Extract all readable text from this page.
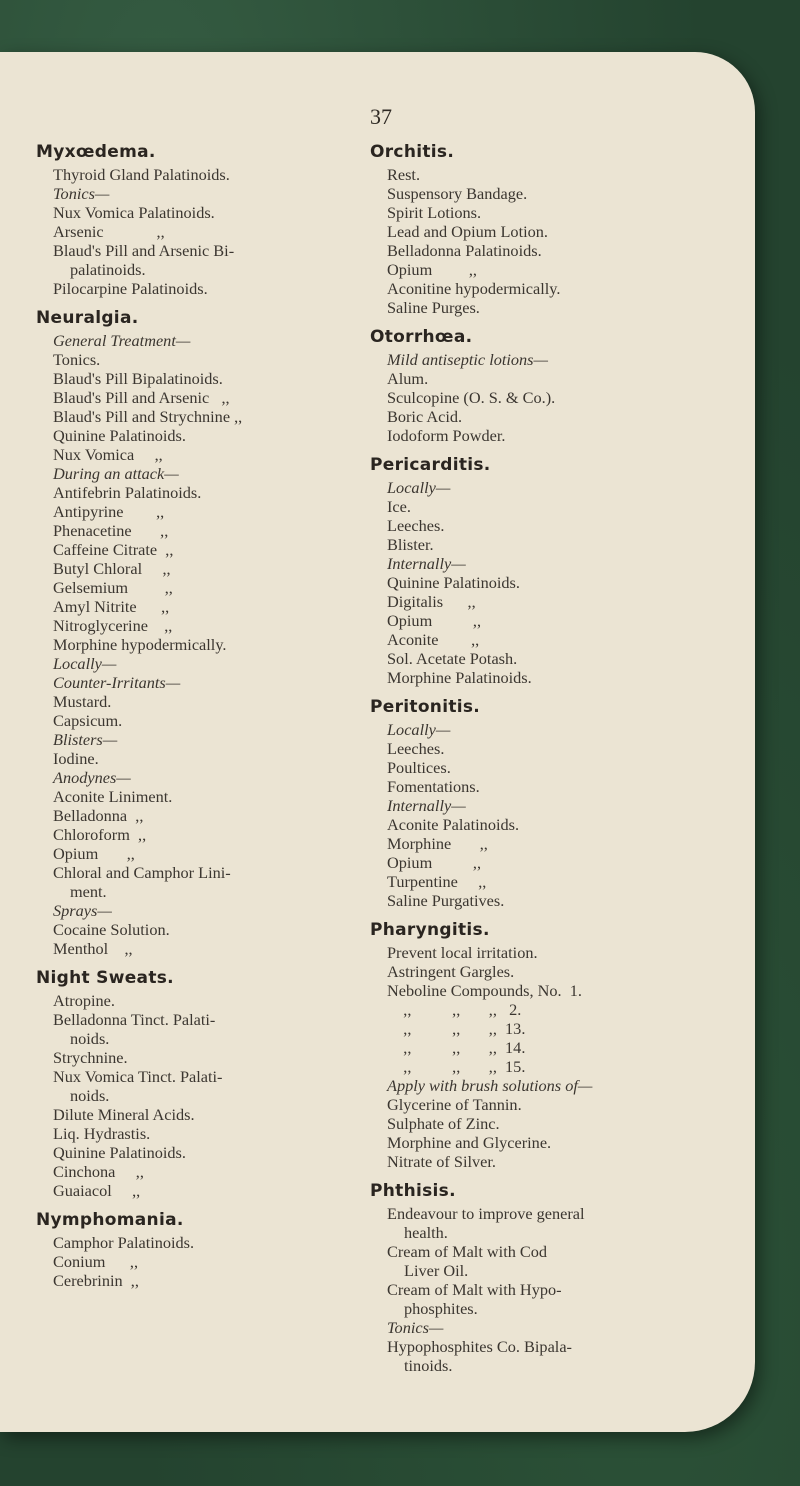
37
Myxœdema.
Thyroid Gland Palatinoids.
Tonics—
Nux Vomica Palatinoids.
Arsenic             ,,
Blaud's Pill and Arsenic Bi-
palatinoids.
Pilocarpine Palatinoids.
Neuralgia.
General Treatment—
Tonics.
Blaud's Pill Bipalatinoids.
Blaud's Pill and Arsenic   ,,
Blaud's Pill and Strychnine ,,
Quinine Palatinoids.
Nux Vomica     ,,
During an attack—
Antifebrin Palatinoids.
Antipyrine        ,,
Phenacetine       ,,
Caffeine Citrate  ,,
Butyl Chloral     ,,
Gelsemium         ,,
Amyl Nitrite      ,,
Nitroglycerine    ,,
Morphine hypodermically.
Locally—
Counter-Irritants—
Mustard.
Capsicum.
Blisters—
Iodine.
Anodynes—
Aconite Liniment.
Belladonna  ,,
Chloroform  ,,
Opium       ,,
Chloral and Camphor Lini-
ment.
Sprays—
Cocaine Solution.
Menthol    ,,
Night Sweats.
Atropine.
Belladonna Tinct. Palati-
noids.
Strychnine.
Nux Vomica Tinct. Palati-
noids.
Dilute Mineral Acids.
Liq. Hydrastis.
Quinine Palatinoids.
Cinchona     ,,
Guaiacol     ,,
Nymphomania.
Camphor Palatinoids.
Conium      ,,
Cerebrinin  ,,
Orchitis.
Rest.
Suspensory Bandage.
Spirit Lotions.
Lead and Opium Lotion.
Belladonna Palatinoids.
Opium         ,,
Aconitine hypodermically.
Saline Purges.
Otorrhœa.
Mild antiseptic lotions—
Alum.
Sculcopine (O. S. & Co.).
Boric Acid.
Iodoform Powder.
Pericarditis.
Locally—
Ice.
Leeches.
Blister.
Internally—
Quinine Palatinoids.
Digitalis      ,,
Opium          ,,
Aconite        ,,
Sol. Acetate Potash.
Morphine Palatinoids.
Peritonitis.
Locally—
Leeches.
Poultices.
Fomentations.
Internally—
Aconite Palatinoids.
Morphine       ,,
Opium          ,,
Turpentine     ,,
Saline Purgatives.
Pharyngitis.
Prevent local irritation.
Astringent Gargles.
Neboline Compounds, No.  1.
,,          ,,       ,,   2.
,,          ,,       ,,  13.
,,          ,,       ,,  14.
,,          ,,       ,,  15.
Apply with brush solutions of—
Glycerine of Tannin.
Sulphate of Zinc.
Morphine and Glycerine.
Nitrate of Silver.
Phthisis.
Endeavour to improve general
health.
Cream of Malt with Cod
Liver Oil.
Cream of Malt with Hypo-
phosphites.
Tonics—
Hypophosphites Co. Bipala-
tinoids.
